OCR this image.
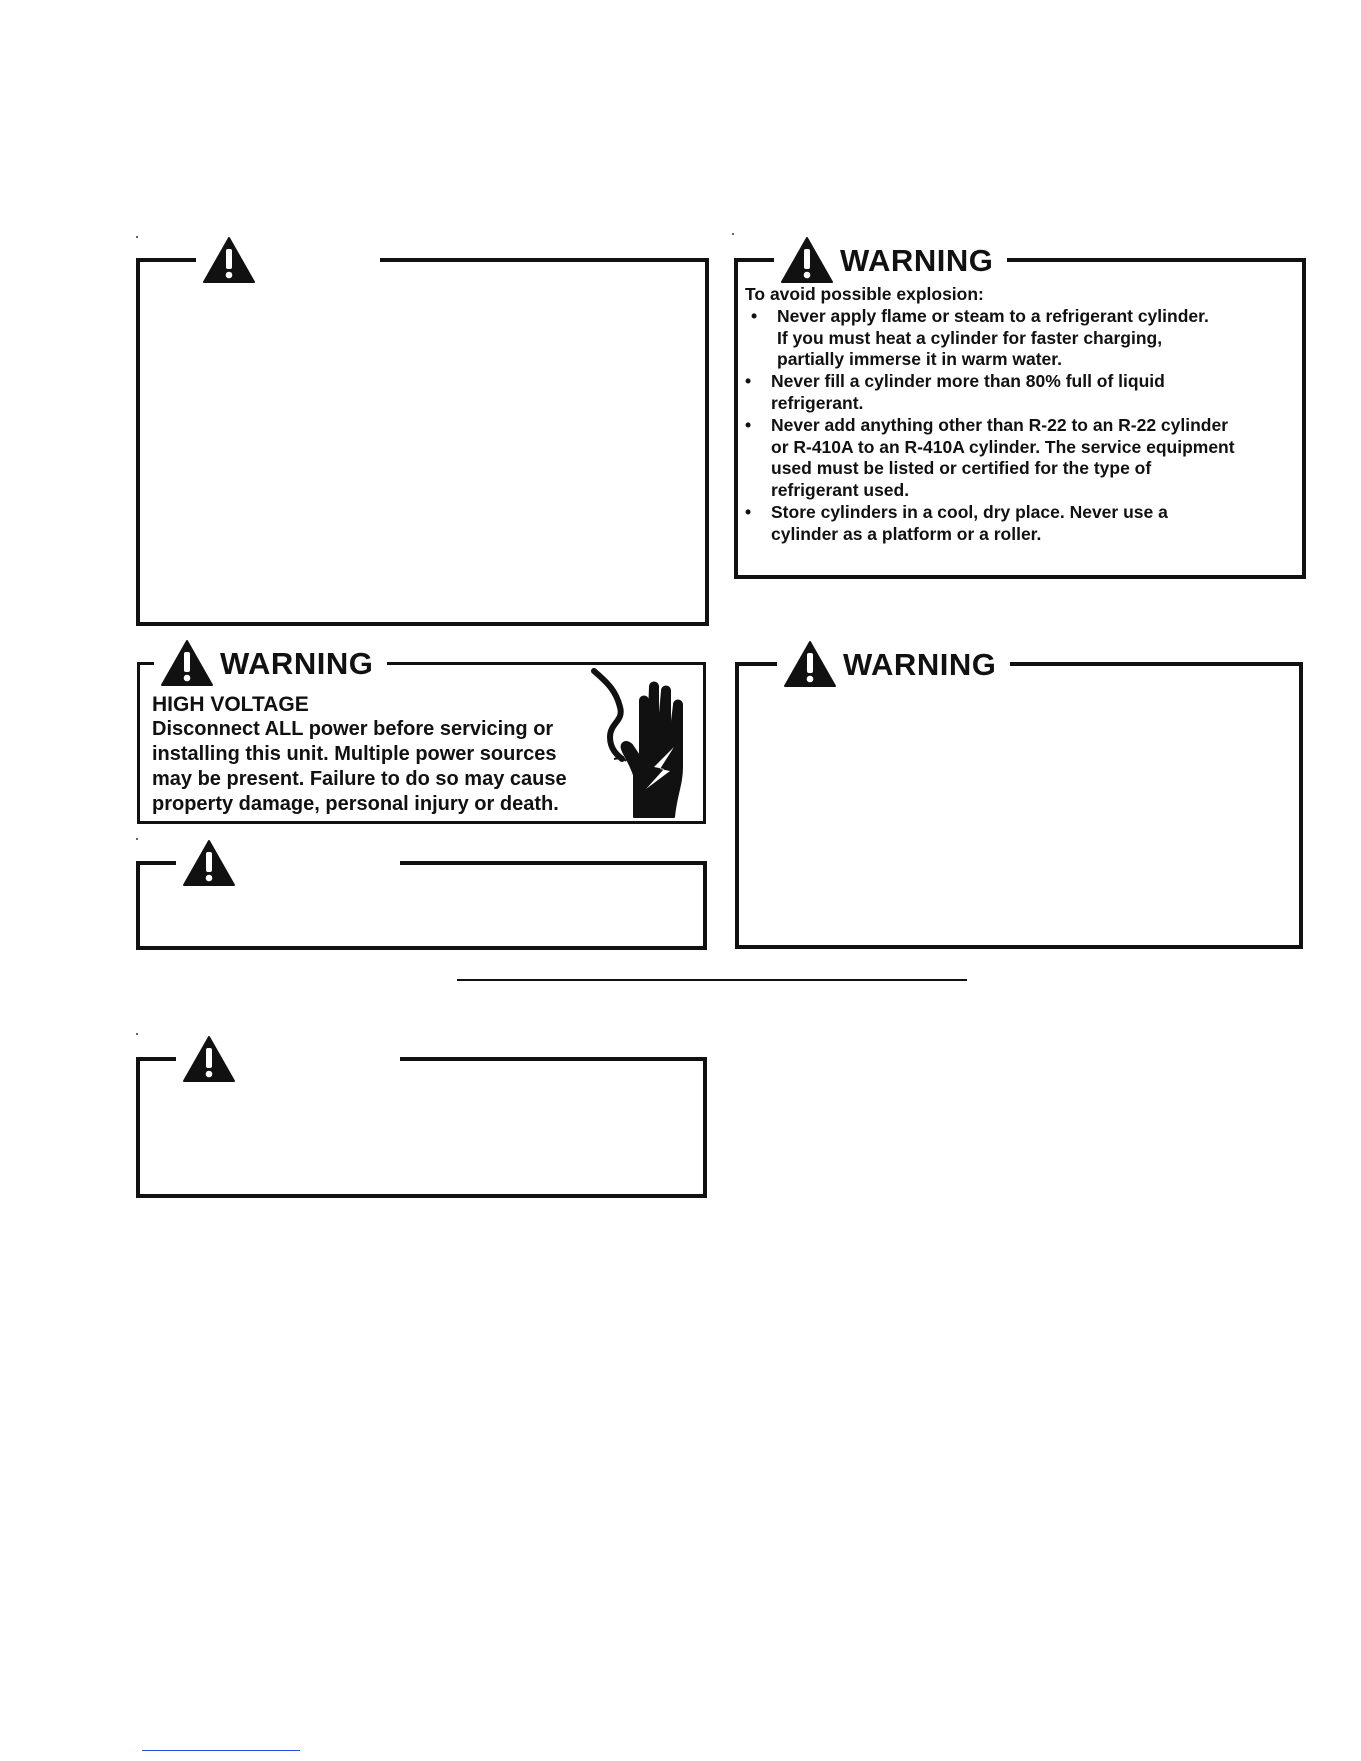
WARNING
To avoid possible explosion:
•	Never apply flame or steam to a refrigerant cylinder.
If you must heat a cylinder for faster charging,
partially immerse it in warm water.
•	Never fill a cylinder more than 80% full of liquid
refrigerant.
•	Never add anything other than R-22 to an R-22 cylinder
or R-410A to an R-410A cylinder. The service equipment
used must be listed or certified for the type of
refrigerant used.
•	Store cylinders in a cool, dry place. Never use a
cylinder as a platform or a roller.
WARNING
HIGH VOLTAGE
Disconnect ALL power before servicing or
installing this unit. Multiple power sources
may be present. Failure to do so may cause
property damage, personal injury or death.
WARNING
